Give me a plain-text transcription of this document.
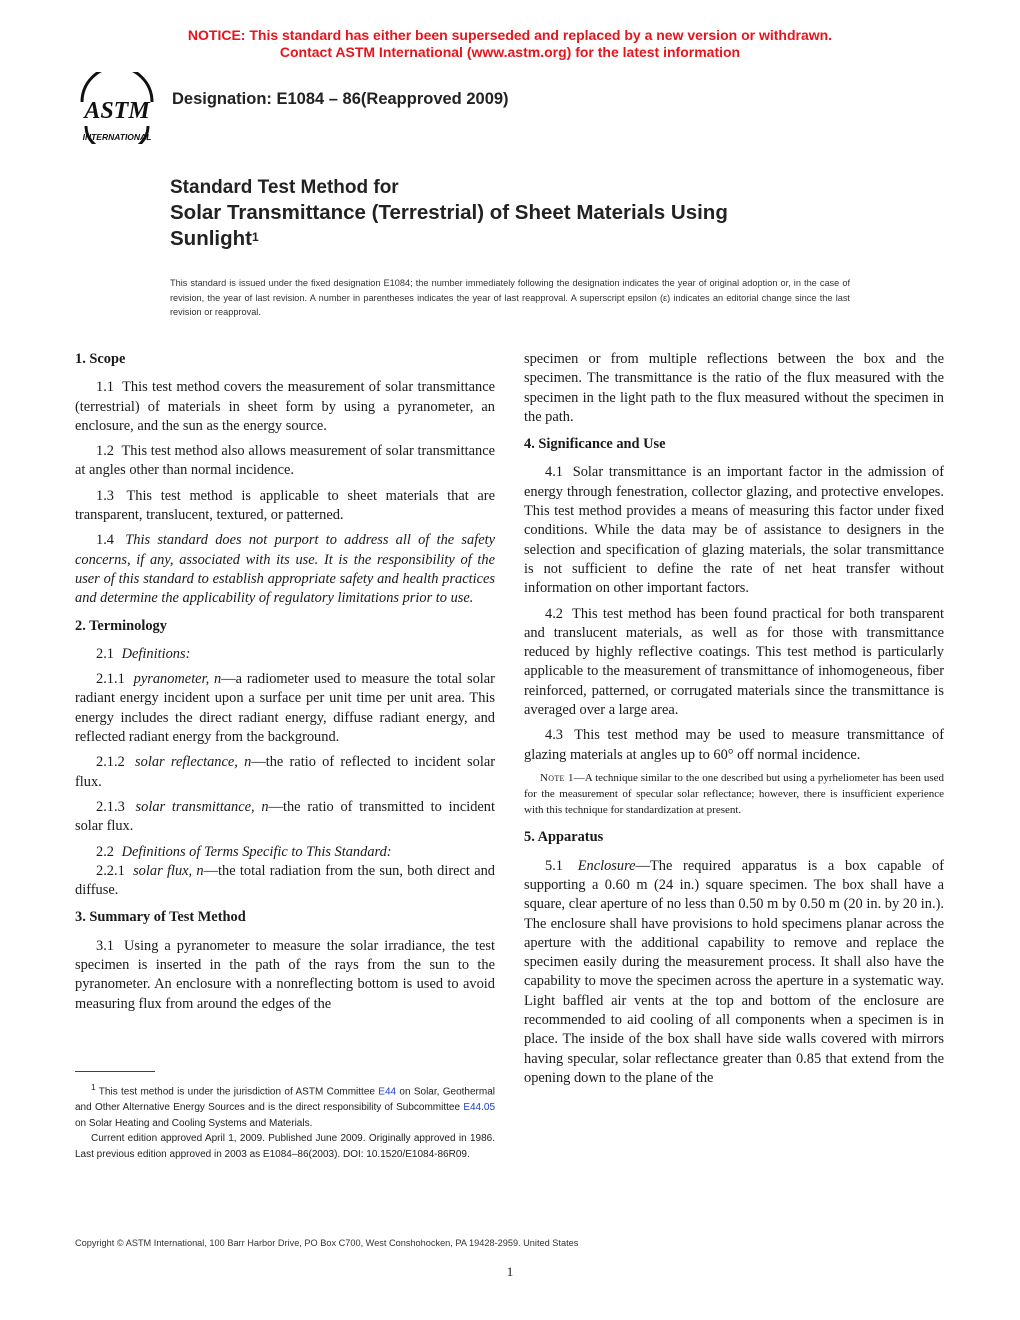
NOTICE: This standard has either been superseded and replaced by a new version or withdrawn.
Contact ASTM International (www.astm.org) for the latest information
ASTM
INTERNATIONAL
Designation: E1084 – 86(Reapproved 2009)
Standard Test Method for
Solar Transmittance (Terrestrial) of Sheet Materials Using
Sunlight$^1$
This standard is issued under the fixed designation E1084; the number immediately following the designation indicates the year of original adoption or, in the case of revision, the year of last revision. A number in parentheses indicates the year of last reapproval. A superscript epsilon (ε) indicates an editorial change since the last revision or reapproval.
1. Scope

1.1 This test method covers the measurement of solar transmittance (terrestrial) of materials in sheet form by using a pyranometer, an enclosure, and the sun as the energy source.

1.2 This test method also allows measurement of solar transmittance at angles other than normal incidence.

1.3 This test method is applicable to sheet materials that are transparent, translucent, textured, or patterned.

1.4 This standard does not purport to address all of the safety concerns, if any, associated with its use. It is the responsibility of the user of this standard to establish appropriate safety and health practices and determine the applicability of regulatory limitations prior to use.

2. Terminology

2.1 Definitions:

2.1.1 pyranometer, n—a radiometer used to measure the total solar radiant energy incident upon a surface per unit time per unit area. This energy includes the direct radiant energy, diffuse radiant energy, and reflected radiant energy from the background.

2.1.2 solar reflectance, n—the ratio of reflected to incident solar flux.

2.1.3 solar transmittance, n—the ratio of transmitted to incident solar flux.

2.2 Definitions of Terms Specific to This Standard:

2.2.1 solar flux, n—the total radiation from the sun, both direct and diffuse.

3. Summary of Test Method

3.1 Using a pyranometer to measure the solar irradiance, the test specimen is inserted in the path of the rays from the sun to the pyranometer. An enclosure with a nonreflecting bottom is used to avoid measuring flux from around the edges of the

specimen or from multiple reflections between the box and the specimen. The transmittance is the ratio of the flux measured with the specimen in the light path to the flux measured without the specimen in the path.

4. Significance and Use

4.1 Solar transmittance is an important factor in the admission of energy through fenestration, collector glazing, and protective envelopes. This test method provides a means of measuring this factor under fixed conditions. While the data may be of assistance to designers in the selection and specification of glazing materials, the solar transmittance is not sufficient to define the rate of net heat transfer without information on other important factors.

4.2 This test method has been found practical for both transparent and translucent materials, as well as for those with transmittance reduced by highly reflective coatings. This test method is particularly applicable to the measurement of transmittance of inhomogeneous, fiber reinforced, patterned, or corrugated materials since the transmittance is averaged over a large area.

4.3 This test method may be used to measure transmittance of glazing materials at angles up to 60° off normal incidence.

Note 1—A technique similar to the one described but using a pyrheliometer has been used for the measurement of specular solar reflectance; however, there is insufficient experience with this technique for standardization at present.

5. Apparatus

5.1 Enclosure—The required apparatus is a box capable of supporting a 0.60 m (24 in.) square specimen. The box shall have a square, clear aperture of no less than 0.50 m by 0.50 m (20 in. by 20 in.). The enclosure shall have provisions to hold specimens planar across the aperture with the additional capability to remove and replace the specimen easily during the measurement process. It shall also have the capability to move the specimen across the aperture in a systematic way. Light baffled air vents at the top and bottom of the enclosure are recommended to aid cooling of all components when a specimen is in place. The inside of the box shall have side walls covered with mirrors having specular, solar reflectance greater than 0.85 that extend from the opening down to the plane of the

$^1$ This test method is under the jurisdiction of ASTM Committee E44 on Solar, Geothermal and Other Alternative Energy Sources and is the direct responsibility of Subcommittee E44.05 on Solar Heating and Cooling Systems and Materials.

Current edition approved April 1, 2009. Published June 2009. Originally approved in 1986. Last previous edition approved in 2003 as E1084–86(2003). DOI: 10.1520/E1084-86R09.

Copyright © ASTM International, 100 Barr Harbor Drive, PO Box C700, West Conshohocken, PA 19428-2959. United States
1
